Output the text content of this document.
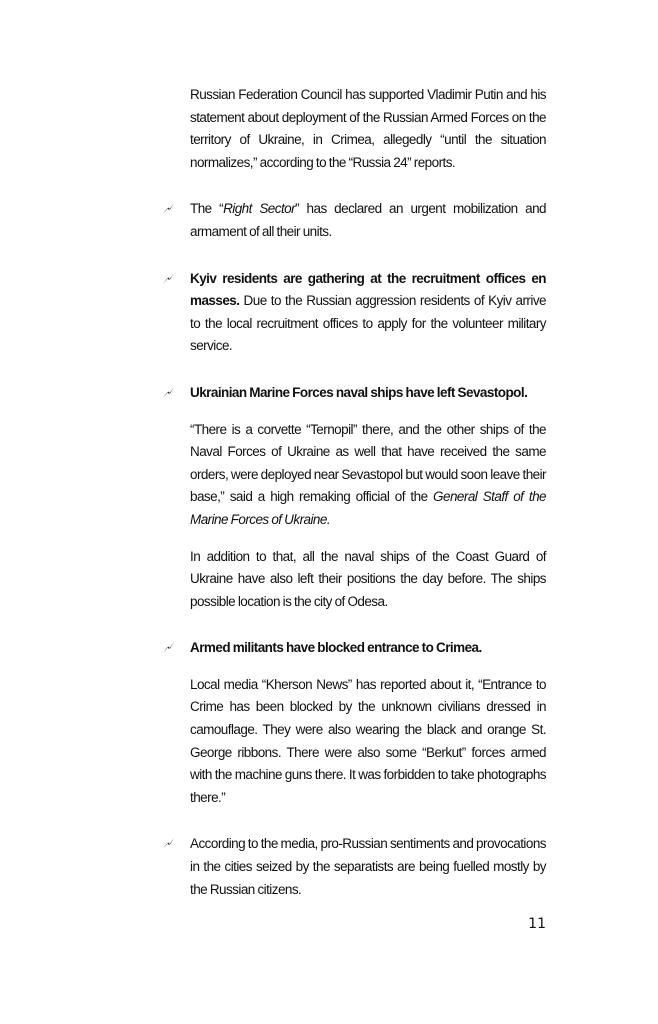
Russian Federation Council has supported Vladimir Putin and his statement about deployment of the Russian Armed Forces on the territory of Ukraine, in Crimea, allegedly “until the situation normalizes,” according to the “Russia 24” reports.

The “Right Sector” has declared an urgent mobilization and armament of all their units.

Kyiv residents are gathering at the recruitment offices en masses. Due to the Russian aggression residents of Kyiv arrive to the local recruitment offices to apply for the volunteer military service.

Ukrainian Marine Forces naval ships have left Sevastopol.

“There is a corvette “Ternopil” there, and the other ships of the Naval Forces of Ukraine as well that have received the same orders, were deployed near Sevastopol but would soon leave their base,” said a high remaking official of the General Staff of the Marine Forces of Ukraine.

In addition to that, all the naval ships of the Coast Guard of Ukraine have also left their positions the day before. The ships possible location is the city of Odesa.

Armed militants have blocked entrance to Crimea.

Local media “Kherson News” has reported about it, “Entrance to Crime has been blocked by the unknown civilians dressed in camouflage. They were also wearing the black and orange St. George ribbons. There were also some “Berkut” forces armed with the machine guns there. It was forbidden to take photographs there.”

According to the media, pro-Russian sentiments and provocations in the cities seized by the separatists are being fuelled mostly by the Russian citizens.

11
